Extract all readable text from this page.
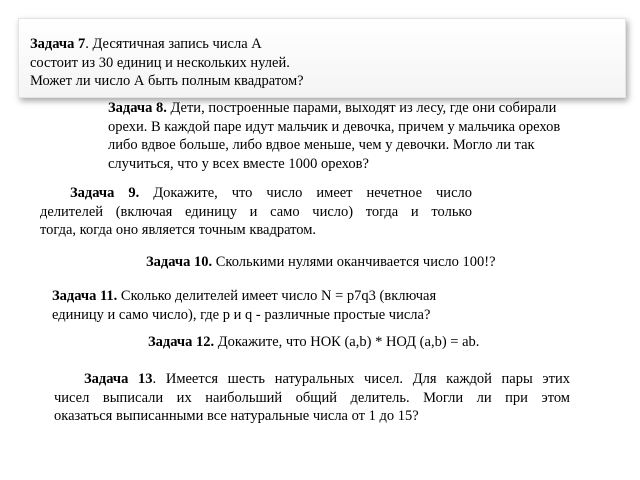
Задача 7. Десятичная запись числа А
состоит из 30 единиц и нескольких нулей.
Может ли число А быть полным квадратом?
Задача 8. Дети, построенные парами, выходят из лесу, где они собирали
орехи. В каждой паре идут мальчик и девочка, причем у мальчика орехов
либо вдвое больше, либо вдвое меньше, чем у девочки. Могло ли так
случиться, что у всех вместе 1000 орехов?
Задача 9. Докажите, что число имеет нечетное число
делителей (включая единицу и само число) тогда и только
тогда, когда оно является точным квадратом.
Задача 10. Сколькими нулями оканчивается число 100!?
Задача 11. Сколько делителей имеет число N = p7q3 (включая
единицу и само число), где p и q - различные простые числа?
Задача 12. Докажите, что НОК (a,b) * НОД (a,b) = ab.
Задача 13. Имеется шесть натуральных чисел. Для каждой пары этих
чисел выписали их наибольший общий делитель. Могли ли при этом
оказаться выписанными все натуральные числа от 1 до 15?
